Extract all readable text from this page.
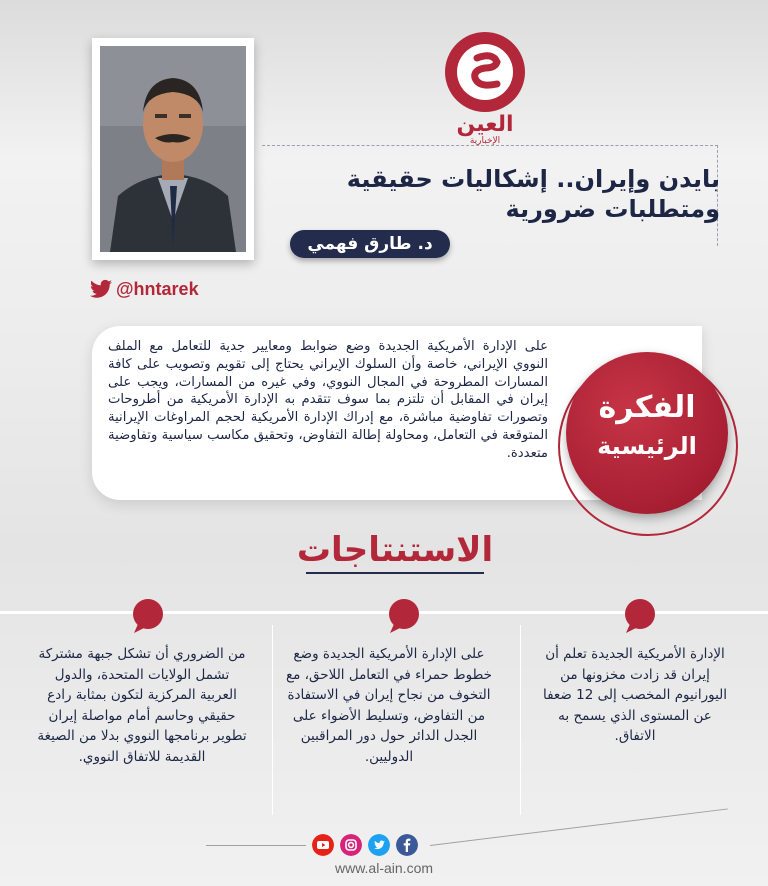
@hntarek
العين
الإخبارية
بايدن وإيران.. إشكاليات حقيقية
ومتطلبات ضرورية
د. طارق فهمي
على الإدارة الأمريكية الجديدة وضع ضوابط ومعايير جدية للتعامل مع الملف النووي الإيراني، خاصة وأن السلوك الإيراني يحتاج إلى تقويم وتصويب على كافة المسارات المطروحة في المجال النووي، وفي غيره من المسارات، ويجب على إيران في المقابل أن تلتزم بما سوف تتقدم به الإدارة الأمريكية من أطروحات وتصورات تفاوضية مباشرة، مع إدراك الإدارة الأمريكية لحجم المراوغات الإيرانية المتوقعة في التعامل، ومحاولة إطالة التفاوض، وتحقيق مكاسب سياسية وتفاوضية متعددة.
الفكرة
الرئيسية
الاستنتاجات
الإدارة الأمريكية الجديدة تعلم أن إيران قد زادت مخزونها من اليورانيوم المخصب إلى 12 ضعفا عن المستوى الذي يسمح به الاتفاق.
على الإدارة الأمريكية الجديدة وضع خطوط حمراء في التعامل اللاحق، مع التخوف من نجاح إيران في الاستفادة من التفاوض، وتسليط الأضواء على الجدل الدائر حول دور المراقبين الدوليين.
من الضروري أن تشكل جبهة مشتركة تشمل الولايات المتحدة، والدول العربية المركزية لتكون بمثابة رادع حقيقي وحاسم أمام مواصلة إيران تطوير برنامجها النووي بدلا من الصيغة القديمة للاتفاق النووي.
www.al-ain.com
